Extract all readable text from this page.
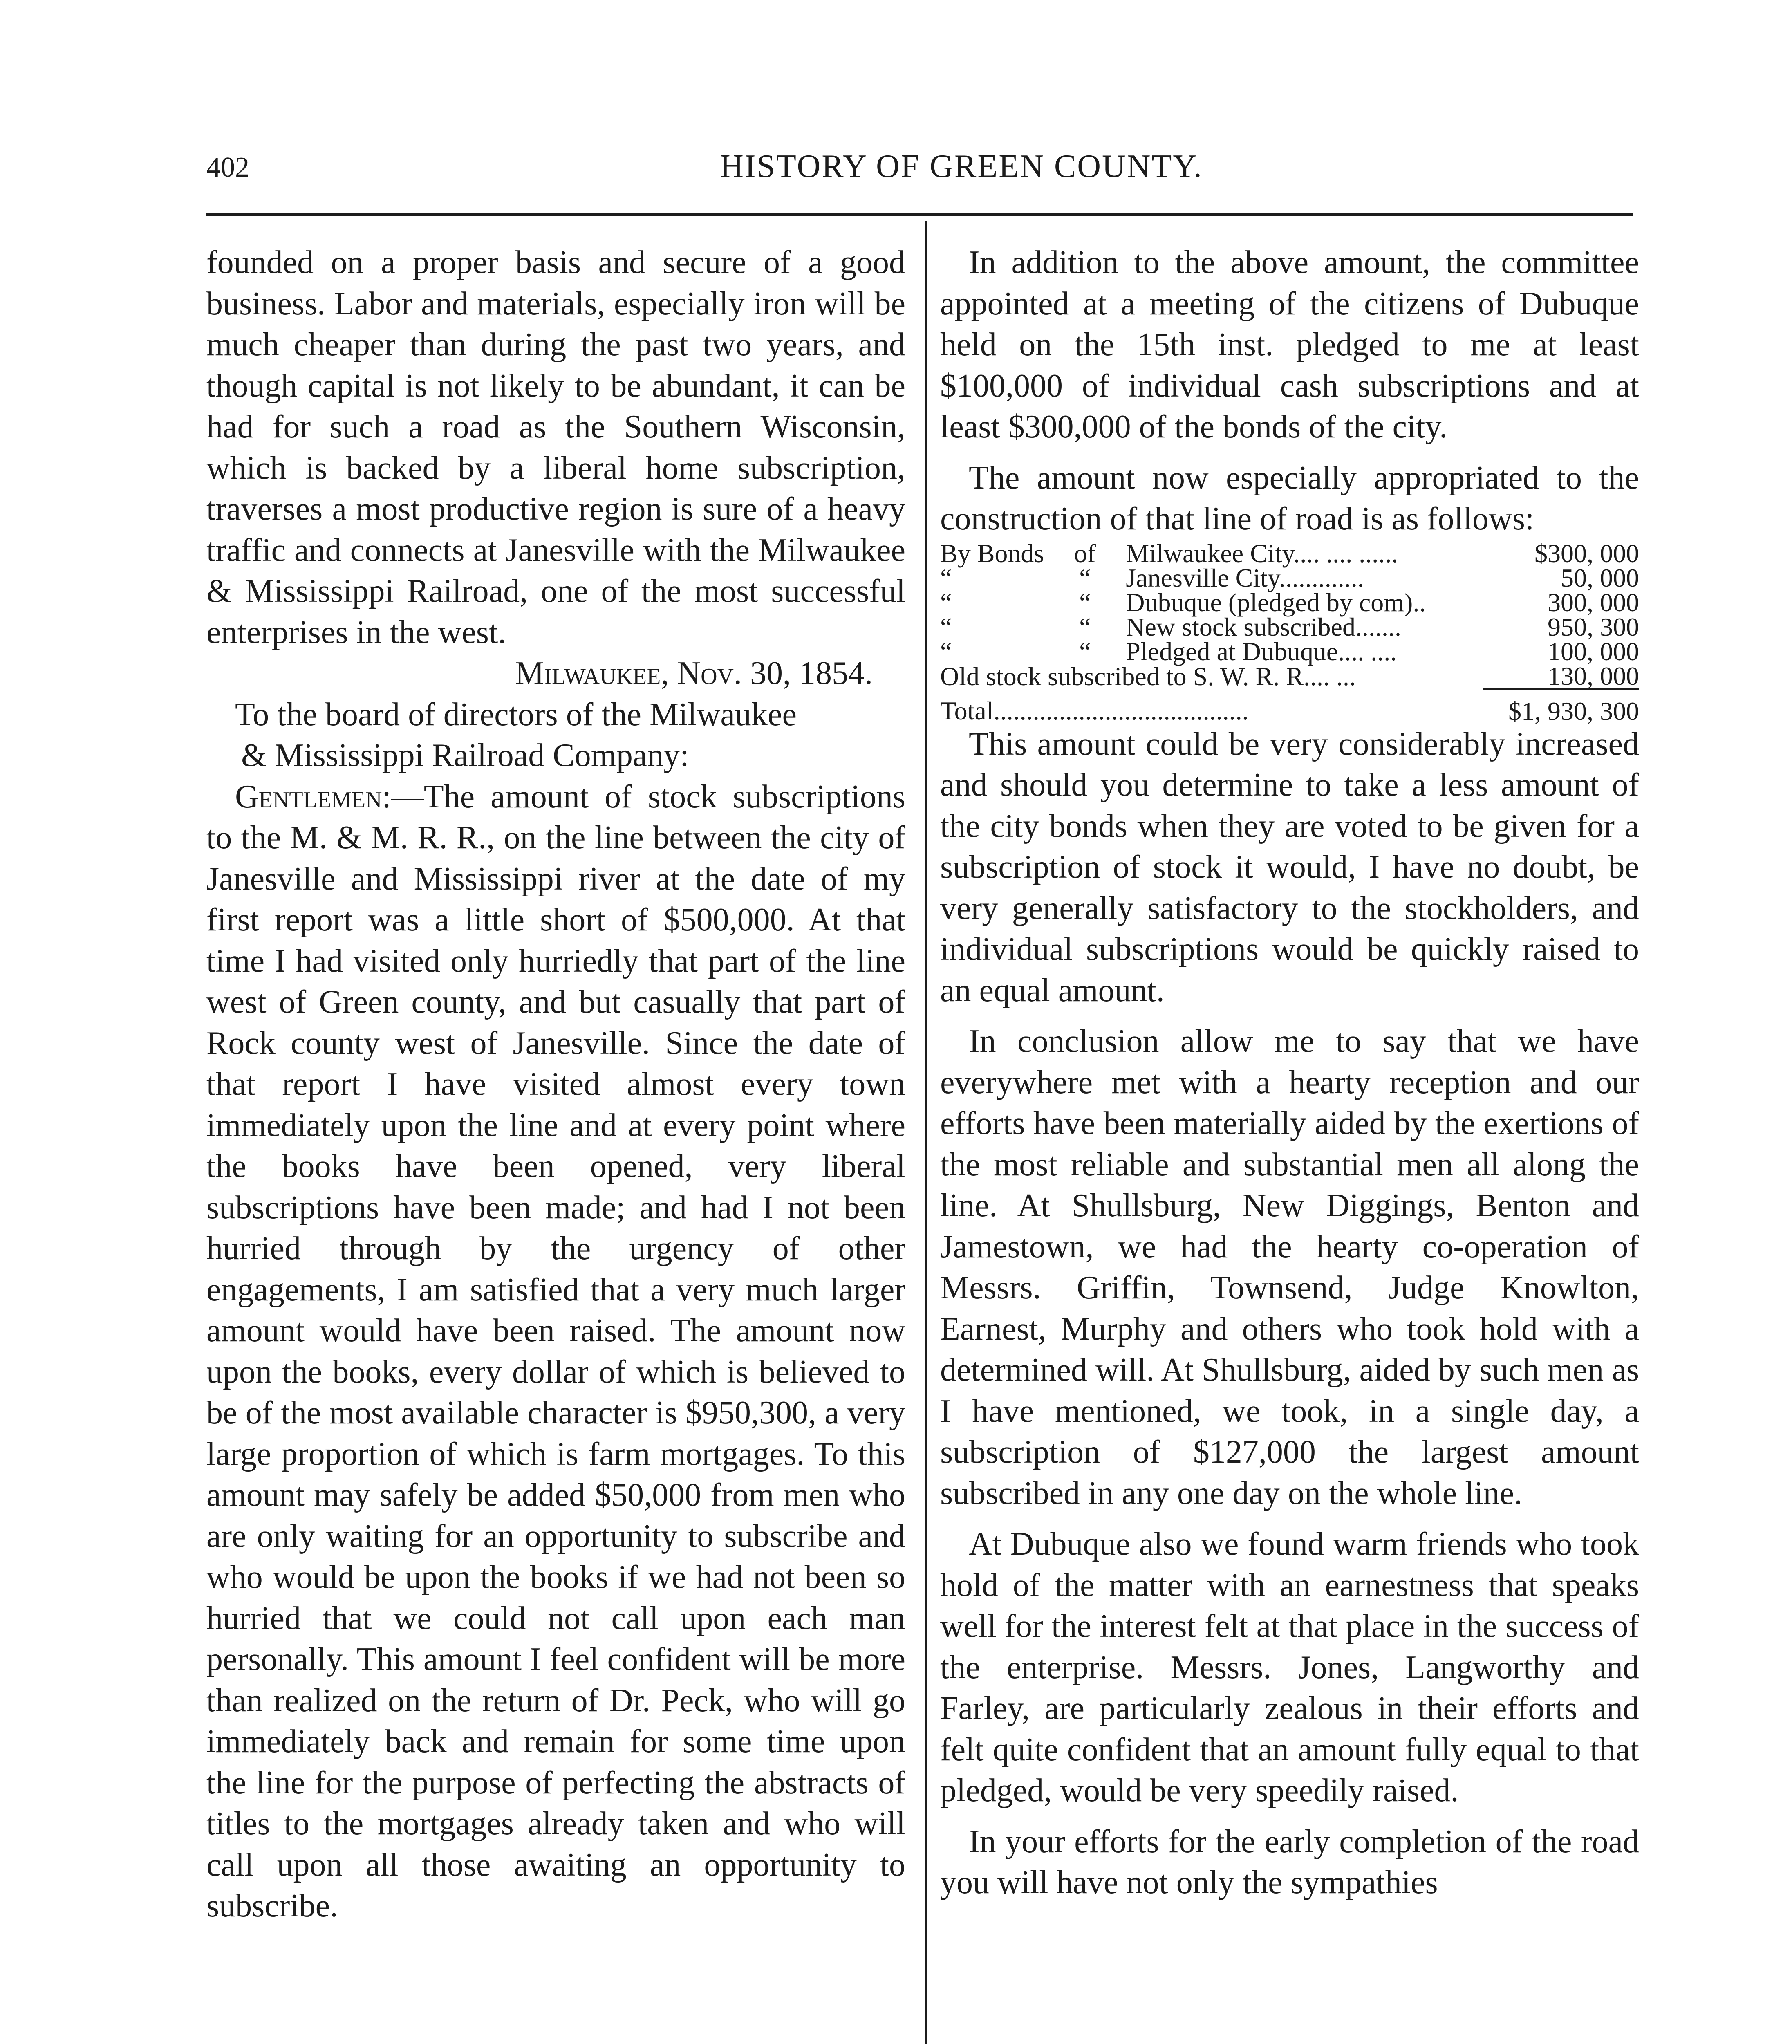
402	HISTORY OF GREEN COUNTY.

founded on a proper basis and secure of a good business. Labor and materials, especially iron will be much cheaper than during the past two years, and though capital is not likely to be abundant, it can be had for such a road as the Southern Wisconsin, which is backed by a liberal home subscription, traverses a most productive region is sure of a heavy traffic and connects at Janesville with the Milwaukee & Mississippi Railroad, one of the most successful enterprises in the west.

Milwaukee, Nov. 30, 1854.

To the board of directors of the Milwaukee

& Mississippi Railroad Company:

Gentlemen:—The amount of stock subscriptions to the M. & M. R. R., on the line between the city of Janesville and Mississippi river at the date of my first report was a little short of $500,000. At that time I had visited only hurriedly that part of the line west of Green county, and but casually that part of Rock county west of Janesville. Since the date of that report I have visited almost every town immediately upon the line and at every point where the books have been opened, very liberal subscriptions have been made; and had I not been hurried through by the urgency of other engagements, I am satisfied that a very much larger amount would have been raised. The amount now upon the books, every dollar of which is believed to be of the most available character is $950,300, a very large proportion of which is farm mortgages. To this amount may safely be added $50,000 from men who are only waiting for an opportunity to subscribe and who would be upon the books if we had not been so hurried that we could not call upon each man personally. This amount I feel confident will be more than realized on the return of Dr. Peck, who will go immediately back and remain for some time upon the line for the purpose of perfecting the abstracts of titles to the mortgages already taken and who will call upon all those awaiting an opportunity to subscribe.

In addition to the above amount, the committee appointed at a meeting of the citizens of Dubuque held on the 15th inst. pledged to me at least $100,000 of individual cash subscriptions and at least $300,000 of the bonds of the city.

The amount now especially appropriated to the construction of that line of road is as follows:

By Bonds	of	Milwaukee City.... .... ......	$300, 000
“	“	Janesville City.............	50, 000
“	“	Dubuque (pledged by com)..	300, 000
“	“	New stock subscribed.......	950, 300
“	“	Pledged at Dubuque.... ....	100, 000
Old stock subscribed to S. W. R. R.... ...			130, 000
Total.......................................			$1, 930, 300

This amount could be very considerably increased and should you determine to take a less amount of the city bonds when they are voted to be given for a subscription of stock it would, I have no doubt, be very generally satisfactory to the stockholders, and individual subscriptions would be quickly raised to an equal amount.

In conclusion allow me to say that we have everywhere met with a hearty reception and our efforts have been materially aided by the exertions of the most reliable and substantial men all along the line. At Shullsburg, New Diggings, Benton and Jamestown, we had the hearty co-operation of Messrs. Griffin, Townsend, Judge Knowlton, Earnest, Murphy and others who took hold with a determined will. At Shullsburg, aided by such men as I have mentioned, we took, in a single day, a subscription of $127,000 the largest amount subscribed in any one day on the whole line.

At Dubuque also we found warm friends who took hold of the matter with an earnestness that speaks well for the interest felt at that place in the success of the enterprise. Messrs. Jones, Langworthy and Farley, are particularly zealous in their efforts and felt quite confident that an amount fully equal to that pledged, would be very speedily raised.

In your efforts for the early completion of the road you will have not only the sympathies
